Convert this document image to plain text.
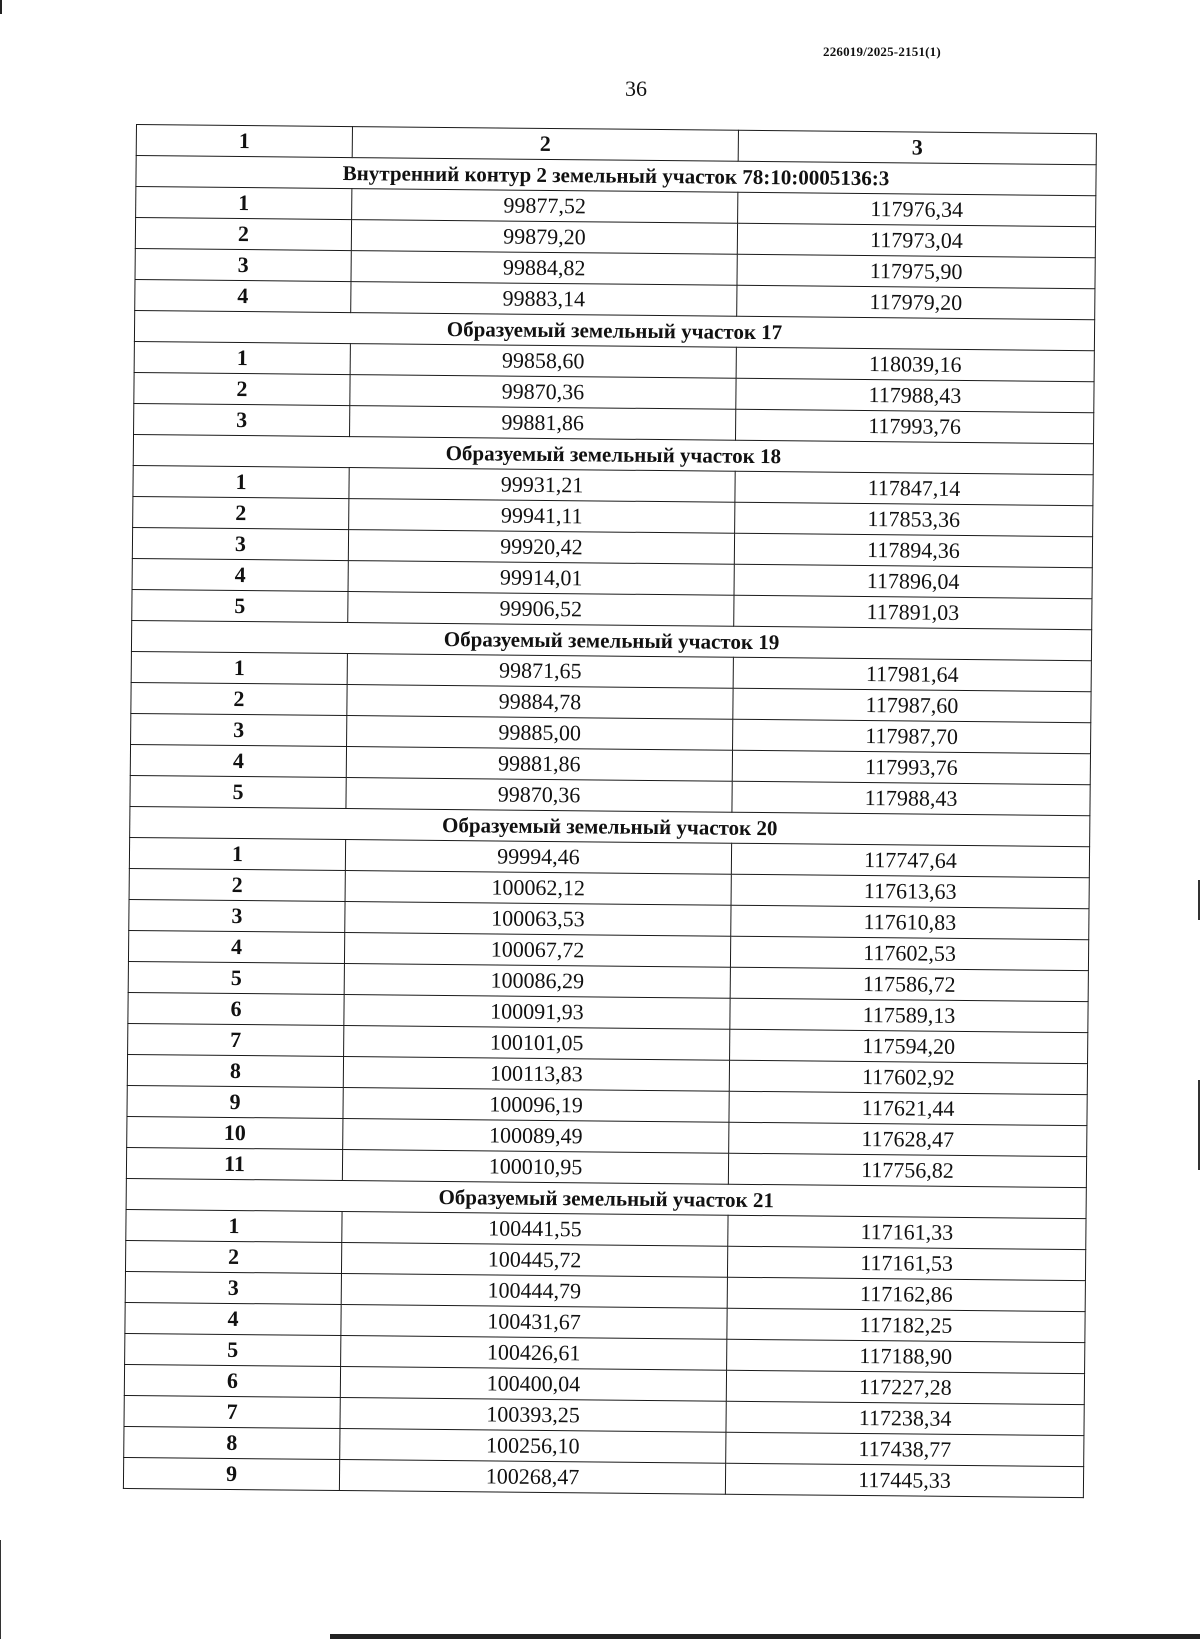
226019/2025-2151(1)
36
1	2	3
Внутренний контур 2 земельный участок 78:10:0005136:3		
1	99877,52	117976,34
2	99879,20	117973,04
3	99884,82	117975,90
4	99883,14	117979,20
Образуемый земельный участок 17		
1	99858,60	118039,16
2	99870,36	117988,43
3	99881,86	117993,76
Образуемый земельный участок 18		
1	99931,21	117847,14
2	99941,11	117853,36
3	99920,42	117894,36
4	99914,01	117896,04
5	99906,52	117891,03
Образуемый земельный участок 19		
1	99871,65	117981,64
2	99884,78	117987,60
3	99885,00	117987,70
4	99881,86	117993,76
5	99870,36	117988,43
Образуемый земельный участок 20		
1	99994,46	117747,64
2	100062,12	117613,63
3	100063,53	117610,83
4	100067,72	117602,53
5	100086,29	117586,72
6	100091,93	117589,13
7	100101,05	117594,20
8	100113,83	117602,92
9	100096,19	117621,44
10	100089,49	117628,47
11	100010,95	117756,82
Образуемый земельный участок 21		
1	100441,55	117161,33
2	100445,72	117161,53
3	100444,79	117162,86
4	100431,67	117182,25
5	100426,61	117188,90
6	100400,04	117227,28
7	100393,25	117238,34
8	100256,10	117438,77
9	100268,47	117445,33
